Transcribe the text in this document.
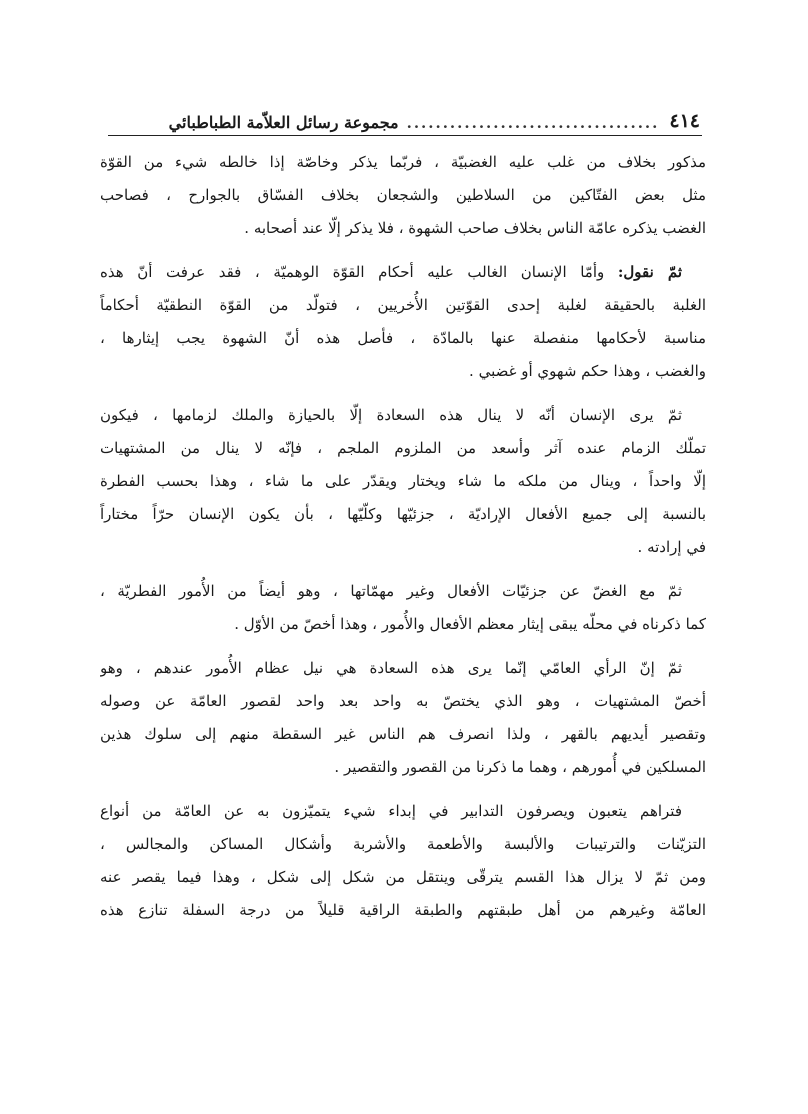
٤١٤
...................................
مجموعة رسائل العلاّمة الطباطبائي
مذكور بخلاف من غلب عليه الغضبيّة ، فربّما يذكر وخاصّة إذا خالطه شيء من القوّة
مثل بعض الفتّاكين من السلاطين والشجعان بخلاف الفسّاق بالجوارح ، فصاحب
الغضب يذكره عامّة الناس بخلاف صاحب الشهوة ، فلا يذكر إلّا عند أصحابه .
ثمّ نقول: وأمّا الإنسان الغالب عليه أحكام القوّة الوهميّة ، فقد عرفت أنّ هذه
الغلبة بالحقيقة لغلبة إحدى القوّتين الأُخريين ، فتولّد من القوّة النطقيّة أحكاماً
مناسبة لأحكامها منفصلة عنها بالمادّة ، فأصل هذه أنّ الشهوة يجب إيثارها ،
والغضب ، وهذا حكم شهوي أو غضبي .
ثمّ يرى الإنسان أنّه لا ينال هذه السعادة إلّا بالحيازة والملك لزمامها ، فيكون
تملّك الزمام عنده آثر وأسعد من الملزوم الملجم ، فإنّه لا ينال من المشتهيات
إلّا واحداً ، وينال من ملكه ما شاء ويختار ويقدّر على ما شاء ، وهذا بحسب الفطرة
بالنسبة إلى جميع الأفعال الإراديّة ، جزئيّها وكلّيّها ، بأن يكون الإنسان حرّاً مختاراً
في إرادته .
ثمّ مع الغضّ عن جزئيّات الأفعال وغير مهمّاتها ، وهو أيضاً من الأُمور الفطريّة ،
كما ذكرناه في محلّه يبقى إيثار معظم الأفعال والأُمور ، وهذا أخصّ من الأوّل .
ثمّ إنّ الرأي العامّي إنّما يرى هذه السعادة هي نيل عظام الأُمور عندهم ، وهو
أخصّ المشتهيات ، وهو الذي يختصّ به واحد بعد واحد لقصور العامّة عن وصوله
وتقصير أيديهم بالقهر ، ولذا انصرف هم الناس غير السقطة منهم إلى سلوك هذين
المسلكين في أُمورهم ، وهما ما ذكرنا من القصور والتقصير .
فتراهم يتعبون ويصرفون التدابير في إبداء شيء يتميّزون به عن العامّة من أنواع
التزيّنات والترتيبات والألبسة والأطعمة والأشربة وأشكال المساكن والمجالس ،
ومن ثمّ لا يزال هذا القسم يترقّى وينتقل من شكل إلى شكل ، وهذا فيما يقصر عنه
العامّة وغيرهم من أهل طبقتهم والطبقة الراقية قليلاً من درجة السفلة تنازع هذه
